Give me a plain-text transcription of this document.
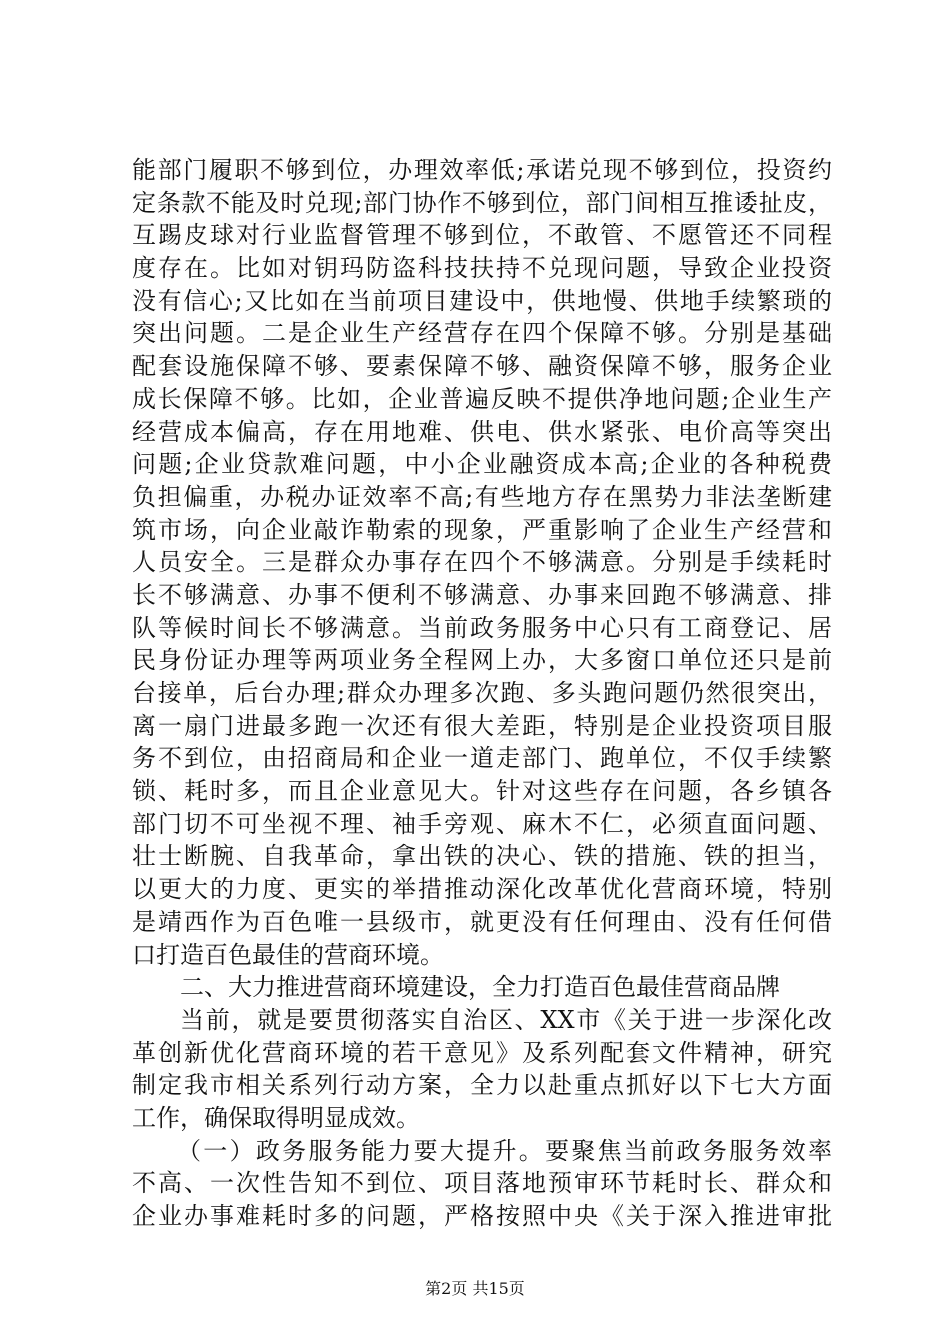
能部门履职不够到位，办理效率低;承诺兑现不够到位，投资约
定条款不能及时兑现;部门协作不够到位，部门间相互推诿扯皮，
互踢皮球对行业监督管理不够到位，不敢管、不愿管还不同程
度存在。比如对钥玛防盗科技扶持不兑现问题，导致企业投资
没有信心;又比如在当前项目建设中，供地慢、供地手续繁琐的
突出问题。二是企业生产经营存在四个保障不够。分别是基础
配套设施保障不够、要素保障不够、融资保障不够，服务企业
成长保障不够。比如，企业普遍反映不提供净地问题;企业生产
经营成本偏高，存在用地难、供电、供水紧张、电价高等突出
问题;企业贷款难问题，中小企业融资成本高;企业的各种税费
负担偏重，办税办证效率不高;有些地方存在黑势力非法垄断建
筑市场，向企业敲诈勒索的现象，严重影响了企业生产经营和
人员安全。三是群众办事存在四个不够满意。分别是手续耗时
长不够满意、办事不便利不够满意、办事来回跑不够满意、排
队等候时间长不够满意。当前政务服务中心只有工商登记、居
民身份证办理等两项业务全程网上办，大多窗口单位还只是前
台接单，后台办理;群众办理多次跑、多头跑问题仍然很突出，
离一扇门进最多跑一次还有很大差距，特别是企业投资项目服
务不到位，由招商局和企业一道走部门、跑单位，不仅手续繁
锁、耗时多，而且企业意见大。针对这些存在问题，各乡镇各
部门切不可坐视不理、袖手旁观、麻木不仁，必须直面问题、
壮士断腕、自我革命，拿出铁的决心、铁的措施、铁的担当，
以更大的力度、更实的举措推动深化改革优化营商环境，特别
是靖西作为百色唯一县级市，就更没有任何理由、没有任何借
口打造百色最佳的营商环境。
二、大力推进营商环境建设，全力打造百色最佳营商品牌
当前，就是要贯彻落实自治区、XX市《关于进一步深化改
革创新优化营商环境的若干意见》及系列配套文件精神，研究
制定我市相关系列行动方案，全力以赴重点抓好以下七大方面
工作，确保取得明显成效。
（一）政务服务能力要大提升。要聚焦当前政务服务效率
不高、一次性告知不到位、项目落地预审环节耗时长、群众和
企业办事难耗时多的问题，严格按照中央《关于深入推进审批
第2页 共15页
